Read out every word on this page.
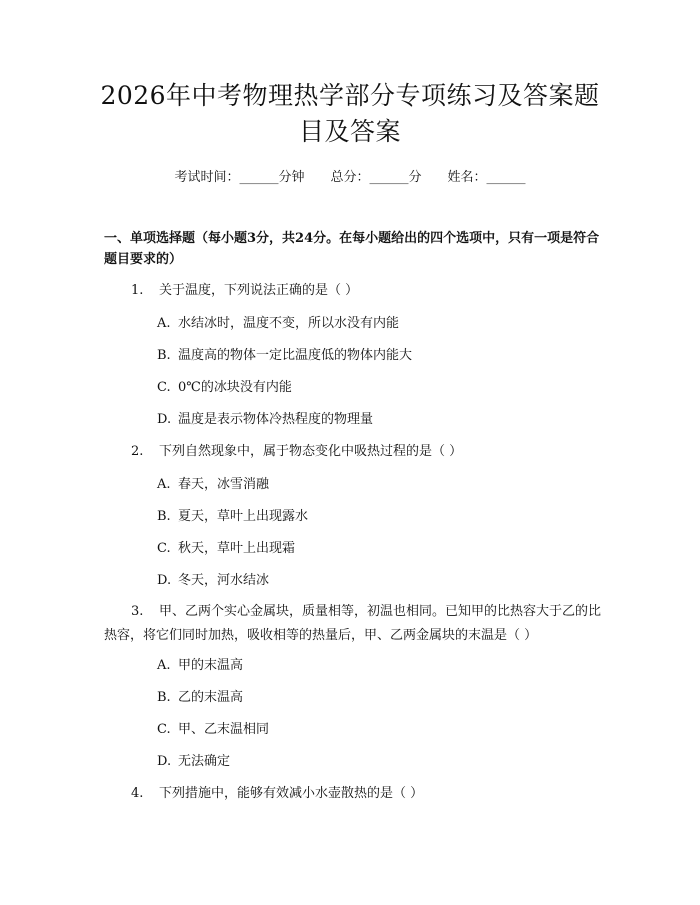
2026年中考物理热学部分专项练习及答案题目及答案
考试时间：______分钟 总分：______分 姓名：______
一、单项选择题（每小题3分，共24分。在每小题给出的四个选项中，只有一项是符合题目要求的）
1. 关于温度，下列说法正确的是（ ）
A. 水结冰时，温度不变，所以水没有内能
B. 温度高的物体一定比温度低的物体内能大
C. 0℃的冰块没有内能
D. 温度是表示物体冷热程度的物理量
2. 下列自然现象中，属于物态变化中吸热过程的是（ ）
A. 春天，冰雪消融
B. 夏天，草叶上出现露水
C. 秋天，草叶上出现霜
D. 冬天，河水结冰
3. 甲、乙两个实心金属块，质量相等，初温也相同。已知甲的比热容大于乙的比热容，将它们同时加热，吸收相等的热量后，甲、乙两金属块的末温是（ ）
A. 甲的末温高
B. 乙的末温高
C. 甲、乙末温相同
D. 无法确定
4. 下列措施中，能够有效减小水壶散热的是（ ）
